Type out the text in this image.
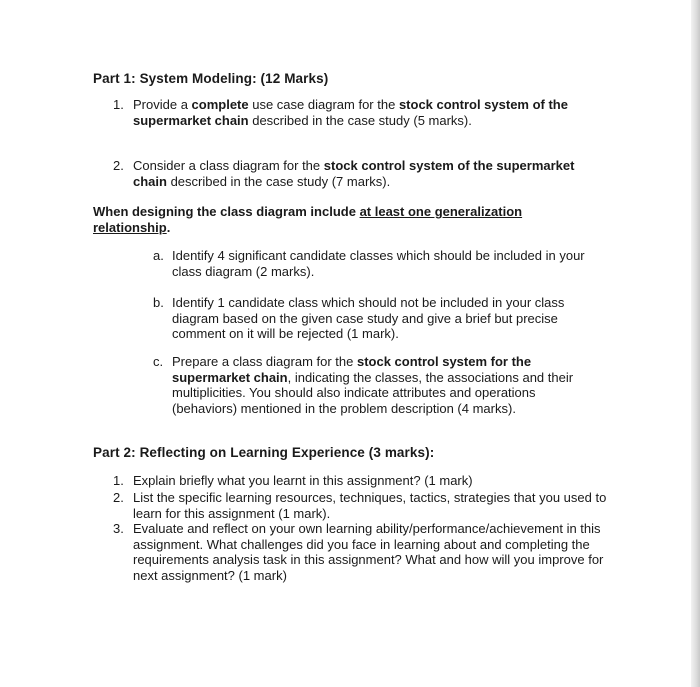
Part 1: System Modeling: (12 Marks)
1. Provide a complete use case diagram for the stock control system of the supermarket chain described in the case study (5 marks).
2. Consider a class diagram for the stock control system of the supermarket chain described in the case study (7 marks).
When designing the class diagram include at least one generalization relationship.
a. Identify 4 significant candidate classes which should be included in your class diagram (2 marks).
b. Identify 1 candidate class which should not be included in your class diagram based on the given case study and give a brief but precise comment on it will be rejected (1 mark).
c. Prepare a class diagram for the stock control system for the supermarket chain, indicating the classes, the associations and their multiplicities. You should also indicate attributes and operations (behaviors) mentioned in the problem description (4 marks).
Part 2: Reflecting on Learning Experience (3 marks):
1. Explain briefly what you learnt in this assignment? (1 mark)
2. List the specific learning resources, techniques, tactics, strategies that you used to learn for this assignment (1 mark).
3. Evaluate and reflect on your own learning ability/performance/achievement in this assignment. What challenges did you face in learning about and completing the requirements analysis task in this assignment? What and how will you improve for next assignment? (1 mark)
